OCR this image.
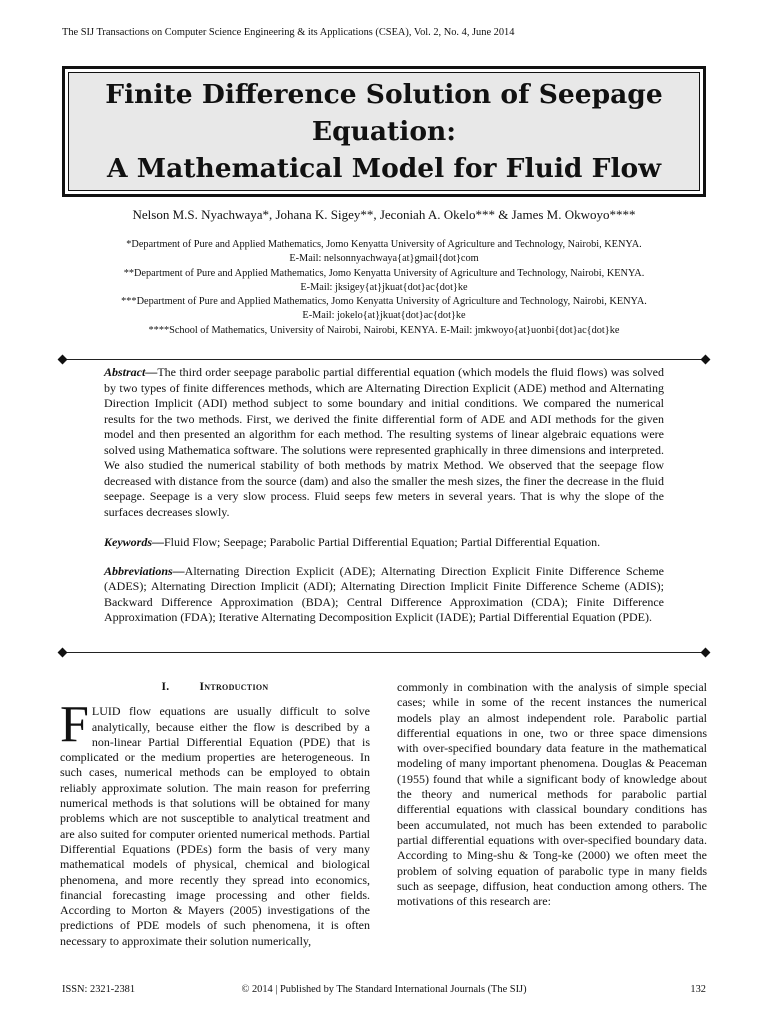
The SIJ Transactions on Computer Science Engineering & its Applications (CSEA), Vol. 2, No. 4, June 2014
Finite Difference Solution of Seepage
Equation:
A Mathematical Model for Fluid Flow
Nelson M.S. Nyachwaya*, Johana K. Sigey**, Jeconiah A. Okelo*** & James M. Okwoyo****
*Department of Pure and Applied Mathematics, Jomo Kenyatta University of Agriculture and Technology, Nairobi, KENYA.
E-Mail: nelsonnyachwaya{at}gmail{dot}com
**Department of Pure and Applied Mathematics, Jomo Kenyatta University of Agriculture and Technology, Nairobi, KENYA.
E-Mail: jksigey{at}jkuat{dot}ac{dot}ke
***Department of Pure and Applied Mathematics, Jomo Kenyatta University of Agriculture and Technology, Nairobi, KENYA.
E-Mail: jokelo{at}jkuat{dot}ac{dot}ke
****School of Mathematics, University of Nairobi, Nairobi, KENYA. E-Mail: jmkwoyo{at}uonbi{dot}ac{dot}ke

Abstract—The third order seepage parabolic partial differential equation (which models the fluid flows) was solved by two types of finite differences methods, which are Alternating Direction Explicit (ADE) method and Alternating Direction Implicit (ADI) method subject to some boundary and initial conditions. We compared the numerical results for the two methods. First, we derived the finite differential form of ADE and ADI methods for the given model and then presented an algorithm for each method. The resulting systems of linear algebraic equations were solved using Mathematica software. The solutions were represented graphically in three dimensions and interpreted. We also studied the numerical stability of both methods by matrix Method. We observed that the seepage flow decreased with distance from the source (dam) and also the smaller the mesh sizes, the finer the decrease in the fluid seepage. Seepage is a very slow process. Fluid seeps few meters in several years. That is why the slope of the surfaces decreases slowly.

Keywords—Fluid Flow; Seepage; Parabolic Partial Differential Equation; Partial Differential Equation.

Abbreviations—Alternating Direction Explicit (ADE); Alternating Direction Explicit Finite Difference Scheme (ADES); Alternating Direction Implicit (ADI); Alternating Direction Implicit Finite Difference Scheme (ADIS); Backward Difference Approximation (BDA); Central Difference Approximation (CDA); Finite Difference Approximation (FDA); Iterative Alternating Decomposition Explicit (IADE); Partial Differential Equation (PDE).

I.	Introduction

FLUID flow equations are usually difficult to solve analytically, because either the flow is described by a non-linear Partial Differential Equation (PDE) that is complicated or the medium properties are heterogeneous. In such cases, numerical methods can be employed to obtain reliably approximate solution. The main reason for preferring numerical methods is that solutions will be obtained for many problems which are not susceptible to analytical treatment and are also suited for computer oriented numerical methods. Partial Differential Equations (PDEs) form the basis of very many mathematical models of physical, chemical and biological phenomena, and more recently they spread into economics, financial forecasting image processing and other fields. According to Morton & Mayers (2005) investigations of the predictions of PDE models of such phenomena, it is often necessary to approximate their solution numerically,

commonly in combination with the analysis of simple special cases; while in some of the recent instances the numerical models play an almost independent role. Parabolic partial differential equations in one, two or three space dimensions with over-specified boundary data feature in the mathematical modeling of many important phenomena. Douglas & Peaceman (1955) found that while a significant body of knowledge about the theory and numerical methods for parabolic partial differential equations with classical boundary conditions has been accumulated, not much has been extended to parabolic partial differential equations with over-specified boundary data. According to Ming-shu & Tong-ke (2000) we often meet the problem of solving equation of parabolic type in many fields such as seepage, diffusion, heat conduction among others. The motivations of this research are:

ISSN: 2321-2381	© 2014 | Published by The Standard International Journals (The SIJ)	132
